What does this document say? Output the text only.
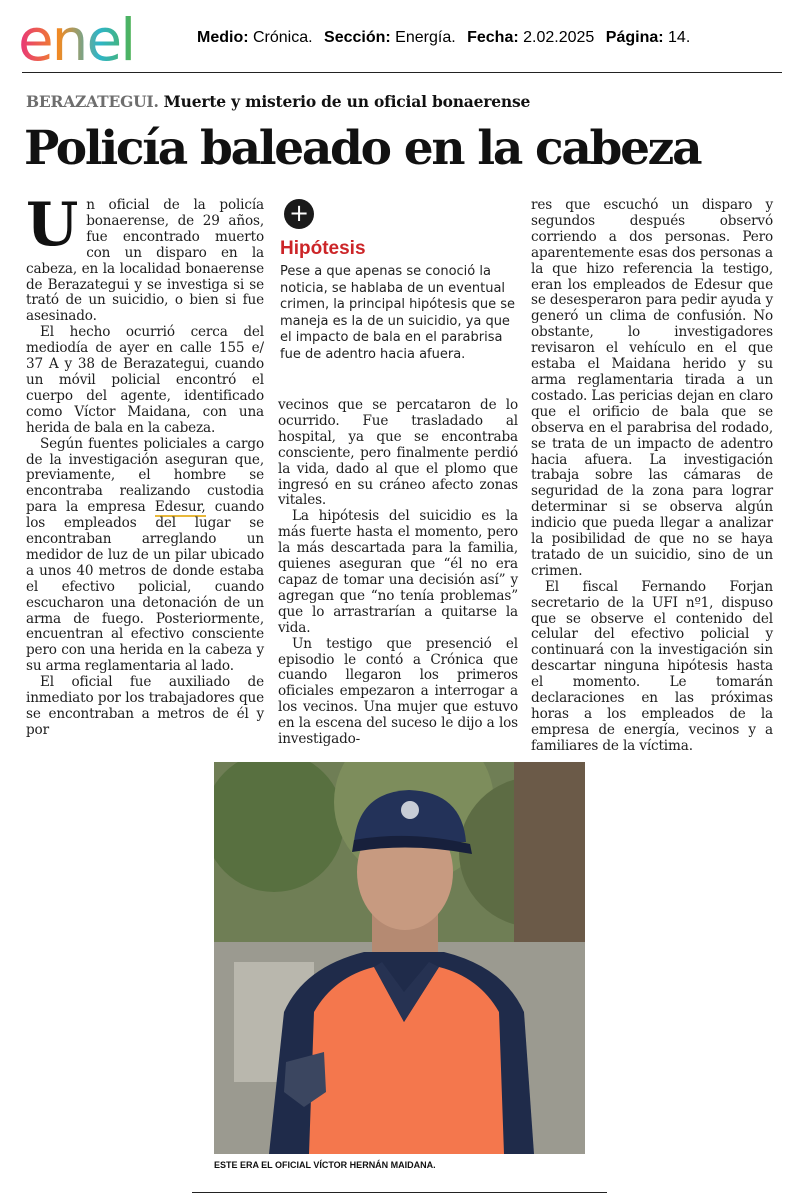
enel	Medio: Crónica. Sección: Energía. Fecha: 2.02.2025 Página: 14.
BERAZATEGUI. Muerte y misterio de un oficial bonaerense
Policía baleado en la cabeza

Un oficial de la policía bonaerense, de 29 años, fue encontrado muerto con un disparo en la cabeza, en la localidad bonaerense de Berazategui y se investiga si se trató de un suicidio, o bien si fue asesinado.

El hecho ocurrió cerca del mediodía de ayer en calle 155 e/ 37 A y 38 de Berazategui, cuando un móvil policial encontró el cuerpo del agente, identificado como Víctor Maidana, con una herida de bala en la cabeza.

Según fuentes policiales a cargo de la investigación aseguran que, previamente, el hombre se encontraba realizando custodia para la empresa Edesur, cuando los empleados del lugar se encontraban arreglando un medidor de luz de un pilar ubicado a unos 40 metros de donde estaba el efectivo policial, cuando escucharon una detonación de un arma de fuego. Posteriormente, encuentran al efectivo consciente pero con una herida en la cabeza y su arma reglamentaria al lado.

El oficial fue auxiliado de inmediato por los trabajadores que se encontraban a metros de él y por

+
Hipótesis
Pese a que apenas se conoció la noticia, se hablaba de un eventual crimen, la principal hipótesis que se maneja es la de un suicidio, ya que el impacto de bala en el parabrisa fue de adentro hacia afuera.

vecinos que se percataron de lo ocurrido. Fue trasladado al hospital, ya que se encontraba consciente, pero finalmente perdió la vida, dado al que el plomo que ingresó en su cráneo afecto zonas vitales.

La hipótesis del suicidio es la más fuerte hasta el momento, pero la más descartada para la familia, quienes aseguran que “él no era capaz de tomar una decisión así” y agregan que “no tenía problemas” que lo arrastrarían a quitarse la vida.

Un testigo que presenció el episodio le contó a Crónica que cuando llegaron los primeros oficiales empezaron a interrogar a los vecinos. Una mujer que estuvo en la escena del suceso le dijo a los investigado-

res que escuchó un disparo y segundos después observó corriendo a dos personas. Pero aparentemente esas dos personas a la que hizo referencia la testigo, eran los empleados de Edesur que se desesperaron para pedir ayuda y generó un clima de confusión. No obstante, lo investigadores revisaron el vehículo en el que estaba el Maidana herido y su arma reglamentaria tirada a un costado. Las pericias dejan en claro que el orificio de bala que se observa en el parabrisa del rodado, se trata de un impacto de adentro hacia afuera. La investigación trabaja sobre las cámaras de seguridad de la zona para lograr determinar si se observa algún indicio que pueda llegar a analizar la posibilidad de que no se haya tratado de un suicidio, sino de un crimen.

El fiscal Fernando Forjan secretario de la UFI nº1, dispuso que se observe el contenido del celular del efectivo policial y continuará con la investigación sin descartar ninguna hipótesis hasta el momento. Le tomarán declaraciones en las próximas horas a los empleados de la empresa de energía, vecinos y a familiares de la víctima.

ESTE ERA EL OFICIAL VÍCTOR HERNÁN MAIDANA.
